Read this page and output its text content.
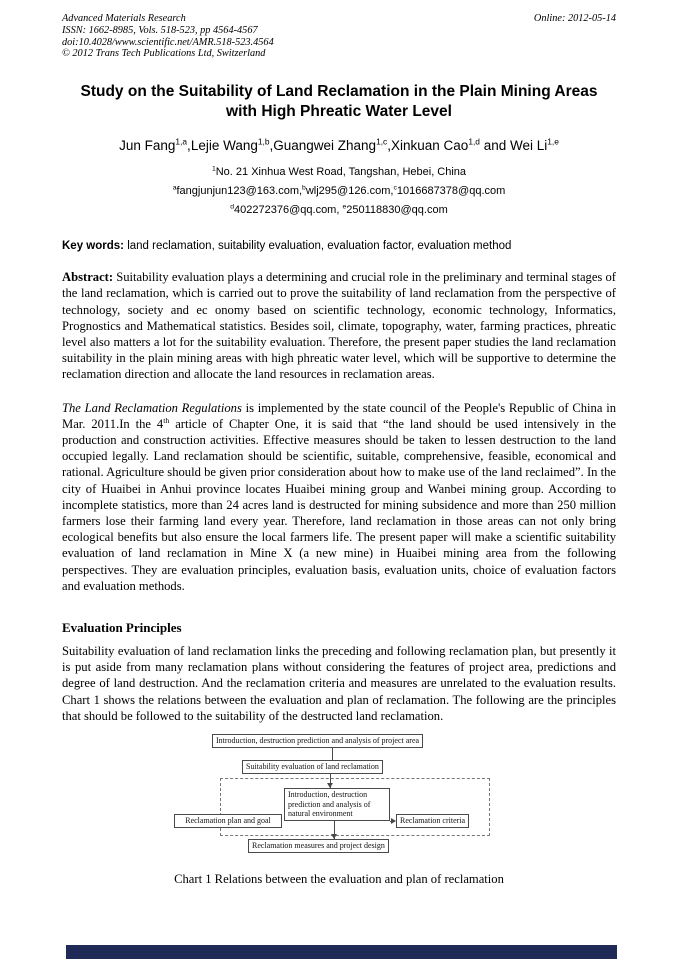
Advanced Materials Research
ISSN: 1662-8985, Vols. 518-523, pp 4564-4567
doi:10.4028/www.scientific.net/AMR.518-523.4564
© 2012 Trans Tech Publications Ltd, Switzerland
Online: 2012-05-14
Study on the Suitability of Land Reclamation in the Plain Mining Areas with High Phreatic Water Level
Jun Fang$^{1,a}$,Lejie Wang$^{1,b}$,Guangwei Zhang$^{1,c}$,Xinkuan Cao$^{1,d}$ and Wei Li$^{1,e}$
$^1$No. 21 Xinhua West Road, Tangshan, Hebei, China
$^a$fangjunjun123@163.com,$^b$wlj295@126.com,$^c$1016687378@qq.com
$^d$402272376@qq.com, $^e$250118830@qq.com

Key words: land reclamation, suitability evaluation, evaluation factor, evaluation method

Abstract: Suitability evaluation plays a determining and crucial role in the preliminary and terminal stages of the land reclamation, which is carried out to prove the suitability of land reclamation from the perspective of technology, society and ec onomy based on scientific technology, economic technology, Informatics, Prognostics and Mathematical statistics. Besides soil, climate, topography, water, farming practices, phreatic level also matters a lot for the suitability evaluation. Therefore, the present paper studies the land reclamation suitability in the plain mining areas with high phreatic water level, which will be supportive to determine the reclamation direction and allocate the land resources in reclamation areas.

The Land Reclamation Regulations is implemented by the state council of the People's Republic of China in Mar. 2011.In the 4th article of Chapter One, it is said that “the land should be used intensively in the production and construction activities. Effective measures should be taken to lessen destruction to the land occupied legally. Land reclamation should be scientific, suitable, comprehensive, feasible, economical and rational. Agriculture should be given prior consideration about how to make use of the land reclaimed”. In the city of Huaibei in Anhui province locates Huaibei mining group and Wanbei mining group. According to incomplete statistics, more than 24 acres land is destructed for mining subsidence and more than 250 million farmers lose their farming land every year. Therefore, land reclamation in those areas can not only bring ecological benefits but also ensure the local farmers life. The present paper will make a scientific suitability evaluation of land reclamation in Mine X (a new mine) in Huaibei mining area from the following perspectives. They are evaluation principles, evaluation basis, evaluation units, choice of evaluation factors and evaluation methods.

Evaluation Principles

Suitability evaluation of land reclamation links the preceding and following reclamation plan, but presently it is put aside from many reclamation plans without considering the features of project area, predictions and degree of land destruction. And the reclamation criteria and measures are unrelated to the evaluation results. Chart 1 shows the relations between the evaluation and plan of reclamation. The following are the principles that should be followed to the suitability of the destructed land reclamation.

Introduction, destruction prediction and analysis of project area
Suitability evaluation of land reclamation
Introduction, destruction prediction and analysis of natural environment
Reclamation plan and goal	Reclamation criteria
Reclamation measures and project design

Chart 1 Relations between the evaluation and plan of reclamation
